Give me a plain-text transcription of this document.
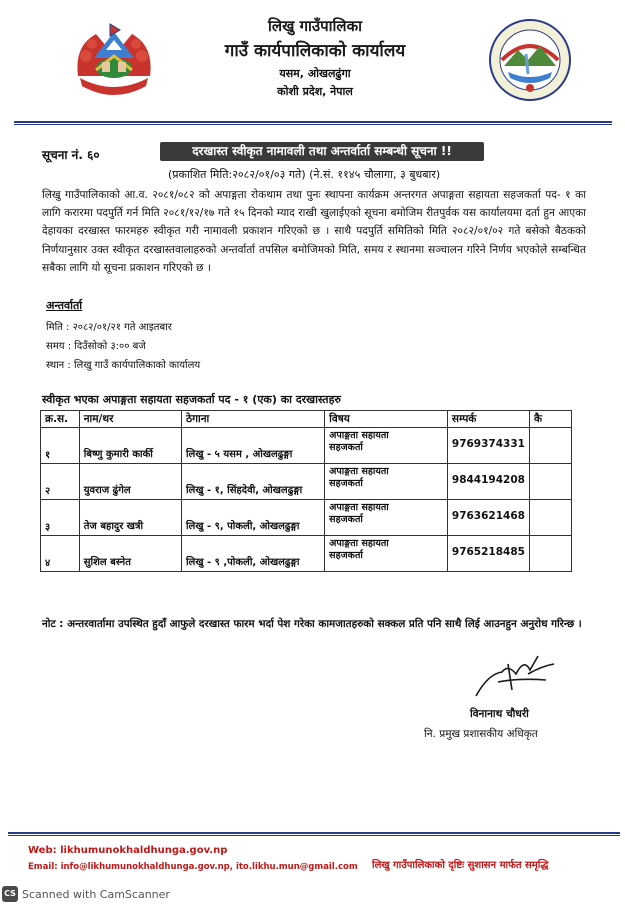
लिखु गाउँपालिका
गाउँ कार्यपालिकाको कार्यालय
यसम, ओखलढुंगा
कोशी प्रदेश, नेपाल
सूचना नं. ६०	दरखास्त स्वीकृत नामावली तथा अन्तर्वार्ता सम्बन्धी सूचना !!
(प्रकाशित मिति:२०८२/०१/०३ गते) (ने.सं. ११४५ चौलागा, ३ बुधबार)
लिखु गाउँपालिकाको आ.व. २०८१/०८२ को अपाङ्गता रोकथाम तथा पुनः स्थापना कार्यक्रम अन्तरगत अपाङ्गता सहायता सहजकर्ता पद- १ का लागि करारमा पदपुर्ति गर्न मिति २०८१/१२/१७ गते १५ दिनको म्याद राखी खुलाईएको सूचना बमोजिम रीतपुर्वक यस कार्यालयमा दर्ता हुन आएका देहायका दरखास्त फारमहरु स्वीकृत गरी नामावली प्रकाशन गरिएको छ । साथै पदपुर्ति समितिको मिति २०८२/०१/०२ गते बसेको बैठकको निर्णयानुसार उक्त स्वीकृत दरखास्तवालाहरुको अन्तर्वार्ता तपसिल बमोजिमको मिति, समय र स्थानमा सञ्चालन गरिने निर्णय भएकोले सम्बन्धित सबैका लागि यो सूचना प्रकाशन गरिएको छ ।
अन्तर्वार्ता
मिति : २०८२/०१/२१ गते आइतबार
समय : दिउँसोको ३:०० बजे
स्थान : लिखु गाउँ कार्यपालिकाको कार्यालय
स्वीकृत भएका अपाङ्गता सहायता सहजकर्ता पद - १ (एक) का दरखास्तहरु
क्र.स.	नाम/थर	ठेगाना	विषय	सम्पर्क	कै
१	बिष्णु कुमारी कार्की	लिखु - ५ यसम , ओखलढुङ्गा	अपाङ्गता सहायता
सहजकर्ता	9769374331	
२	युवराज ढुंगेल	लिखु - १, सिंहदेवी, ओखलढुङ्गा	अपाङ्गता सहायता
सहजकर्ता	9844194208	
३	तेज बहादुर खत्री	लिखु - ९, पोकली, ओखलढुङ्गा	अपाङ्गता सहायता
सहजकर्ता	9763621468	
४	सुशिल बस्नेत	लिखु - ९ ,पोकली, ओखलढुङ्गा	अपाङ्गता सहायता
सहजकर्ता	9765218485	
नोट : अन्तरवार्तामा उपस्थित हुदाँ आफुले दरखास्त फारम भर्दा पेश गरेका कामजातहरुको सक्कल प्रति पनि साथै लिई आउनहुन अनुरोध गरिन्छ ।
विनानाथ चौधरी
नि. प्रमुख प्रशासकीय अधिकृत
Web: likhumunokhaldhunga.gov.np
Email: info@likhumunokhaldhunga.gov.np, ito.likhu.mun@gmail.com लिखु गाउँपालिकाको दृष्टिः सुशासन मार्फत समृद्धि
CS Scanned with CamScanner
